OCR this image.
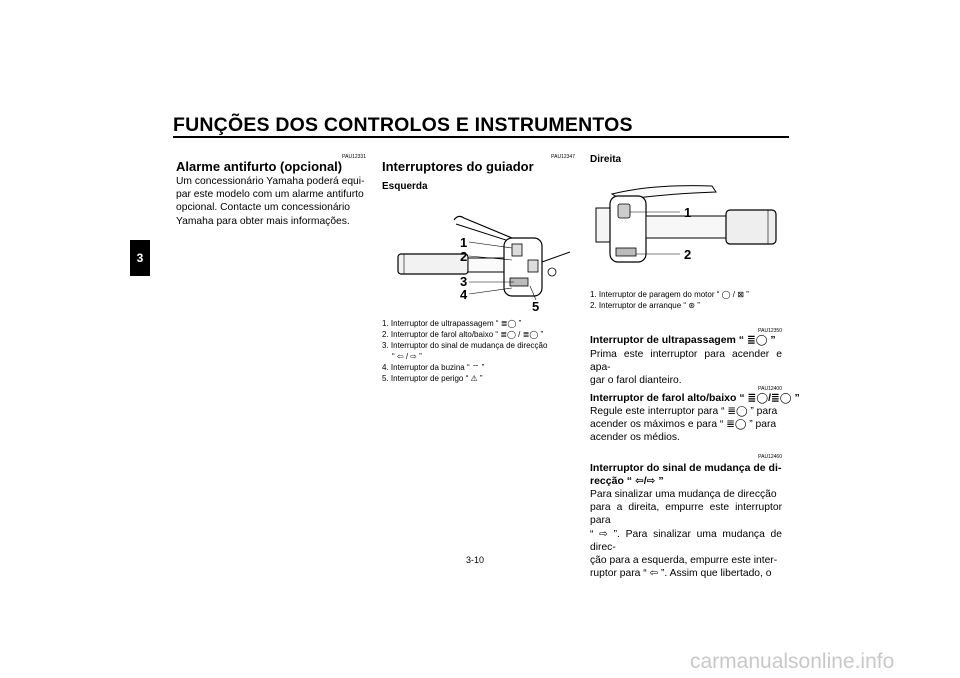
FUNÇÕES DOS CONTROLOS E INSTRUMENTOS
3
PAU12331
Alarme antifurto (opcional)
Um concessionário Yamaha poderá equi-
par este modelo com um alarme antifurto
opcional. Contacte um concessionário
Yamaha para obter mais informações.
PAU12347
Interruptores do guiador
Esquerda
1
2
3
4
5
1. Interruptor de ultrapassagem “ ≣◯ ”
2. Interruptor de farol alto/baixo “ ≣◯ / ≣◯ ”
3. Interruptor do sinal de mudança de direcção
“ ⇦ / ⇨ ”
4. Interruptor da buzina “ ⌔ ”
5. Interruptor de perigo “ ⚠ ”
Direita
1
2
1. Interruptor de paragem do motor “ ◯ / ⊠ ”
2. Interruptor de arranque “ ⊛ ”
PAU12350
Interruptor de ultrapassagem “ ≣◯ ”
Prima este interruptor para acender e apa-
gar o farol dianteiro.
PAU12400
Interruptor de farol alto/baixo “ ≣◯/≣◯ ”
Regule este interruptor para “ ≣◯ ” para
acender os máximos e para “ ≣◯ ” para
acender os médios.
PAU12460
Interruptor do sinal de mudança de di-
recção “ ⇦/⇨ ”
Para sinalizar uma mudança de direcção
para a direita, empurre este interruptor para
“ ⇨ ”. Para sinalizar uma mudança de direc-
ção para a esquerda, empurre este inter-
ruptor para “ ⇦ ”. Assim que libertado, o
3-10
carmanualsonline.info
